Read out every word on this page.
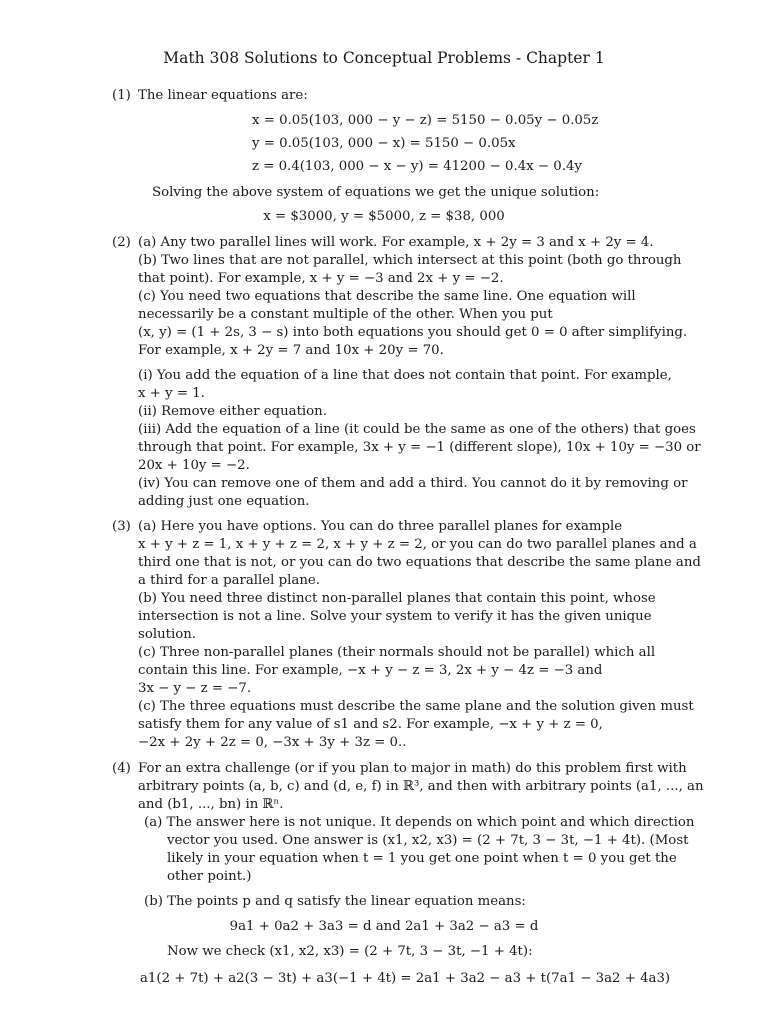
Math 308 Solutions to Conceptual Problems - Chapter 1
(1) The linear equations are:
x = 0.05(103, 000 − y − z) = 5150 − 0.05y − 0.05z
y = 0.05(103, 000 − x) = 5150 − 0.05x
z = 0.4(103, 000 − x − y) = 41200 − 0.4x − 0.4y
Solving the above system of equations we get the unique solution:
x = $3000, y = $5000, z = $38, 000
(2) (a) Any two parallel lines will work. For example, x + 2y = 3 and x + 2y = 4.
(b) Two lines that are not parallel, which intersect at this point (both go through
that point). For example, x + y = −3 and 2x + y = −2.
(c) You need two equations that describe the same line. One equation will
necessarily be a constant multiple of the other. When you put
(x, y) = (1 + 2s, 3 − s) into both equations you should get 0 = 0 after simplifying.
For example, x + 2y = 7 and 10x + 20y = 70.
(i) You add the equation of a line that does not contain that point. For example,
x + y = 1.
(ii) Remove either equation.
(iii) Add the equation of a line (it could be the same as one of the others) that goes
through that point. For example, 3x + y = −1 (different slope), 10x + 10y = −30 or
20x + 10y = −2.
(iv) You can remove one of them and add a third. You cannot do it by removing or
adding just one equation.
(3) (a) Here you have options. You can do three parallel planes for example
x + y + z = 1, x + y + z = 2, x + y + z = 2, or you can do two parallel planes and a
third one that is not, or you can do two equations that describe the same plane and
a third for a parallel plane.
(b) You need three distinct non-parallel planes that contain this point, whose
intersection is not a line. Solve your system to verify it has the given unique
solution.
(c) Three non-parallel planes (their normals should not be parallel) which all
contain this line. For example, −x + y − z = 3, 2x + y − 4z = −3 and
3x − y − z = −7.
(c) The three equations must describe the same plane and the solution given must
satisfy them for any value of s1 and s2. For example, −x + y + z = 0,
−2x + 2y + 2z = 0, −3x + 3y + 3z = 0..
(4) For an extra challenge (or if you plan to major in math) do this problem first with
arbitrary points (a, b, c) and (d, e, f) in ℝ³, and then with arbitrary points (a1, ..., an
and (b1, ..., bn) in ℝⁿ.
(a) The answer here is not unique. It depends on which point and which direction
vector you used. One answer is (x1, x2, x3) = (2 + 7t, 3 − 3t, −1 + 4t). (Most
likely in your equation when t = 1 you get one point when t = 0 you get the
other point.)
(b) The points p and q satisfy the linear equation means:
9a1 + 0a2 + 3a3 = d and 2a1 + 3a2 − a3 = d
Now we check (x1, x2, x3) = (2 + 7t, 3 − 3t, −1 + 4t):
a1(2 + 7t) + a2(3 − 3t) + a3(−1 + 4t) = 2a1 + 3a2 − a3 + t(7a1 − 3a2 + 4a3)
